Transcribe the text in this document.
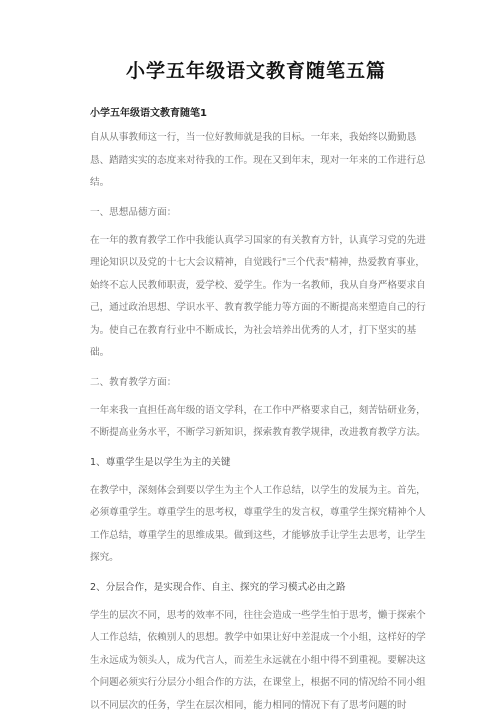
小学五年级语文教育随笔五篇
小学五年级语文教育随笔1

自从从事教师这一行，当一位好教师就是我的目标。一年来，我始终以勤勤恳恳、踏踏实实的态度来对待我的工作。现在又到年末，现对一年来的工作进行总结。

一、思想品德方面：

在一年的教育教学工作中我能认真学习国家的有关教育方针，认真学习党的先进理论知识以及党的十七大会议精神，自觉践行"三个代表"精神，热爱教育事业，始终不忘人民教师职责，爱学校、爱学生。作为一名教师，我从自身严格要求自己，通过政治思想、学识水平、教育教学能力等方面的不断提高来塑造自己的行为。使自己在教育行业中不断成长，为社会培养出优秀的人才，打下坚实的基础。

二、教育教学方面：

一年来我一直担任高年级的语文学科，在工作中严格要求自己，刻苦钻研业务，不断提高业务水平，不断学习新知识，探索教育教学规律，改进教育教学方法。

1、尊重学生是以学生为主的关键

在教学中，深刻体会到要以学生为主个人工作总结，以学生的发展为主。首先，必须尊重学生。尊重学生的思考权，尊重学生的发言权，尊重学生探究精神个人工作总结，尊重学生的思维成果。做到这些，才能够放手让学生去思考，让学生探究。

2、分层合作，是实现合作、自主、探究的学习模式必由之路

学生的层次不同，思考的效率不同，往往会造成一些学生怕于思考，懒于探索个人工作总结，依赖别人的思想。教学中如果让好中差混成一个小组，这样好的学生永远成为领头人，成为代言人，而差生永远就在小组中得不到重视。要解决这个问题必须实行分层分小组合作的方法，在课堂上，根据不同的情况给不同小组以不同层次的任务，学生在层次相同，能力相同的情况下有了思考问题的时
